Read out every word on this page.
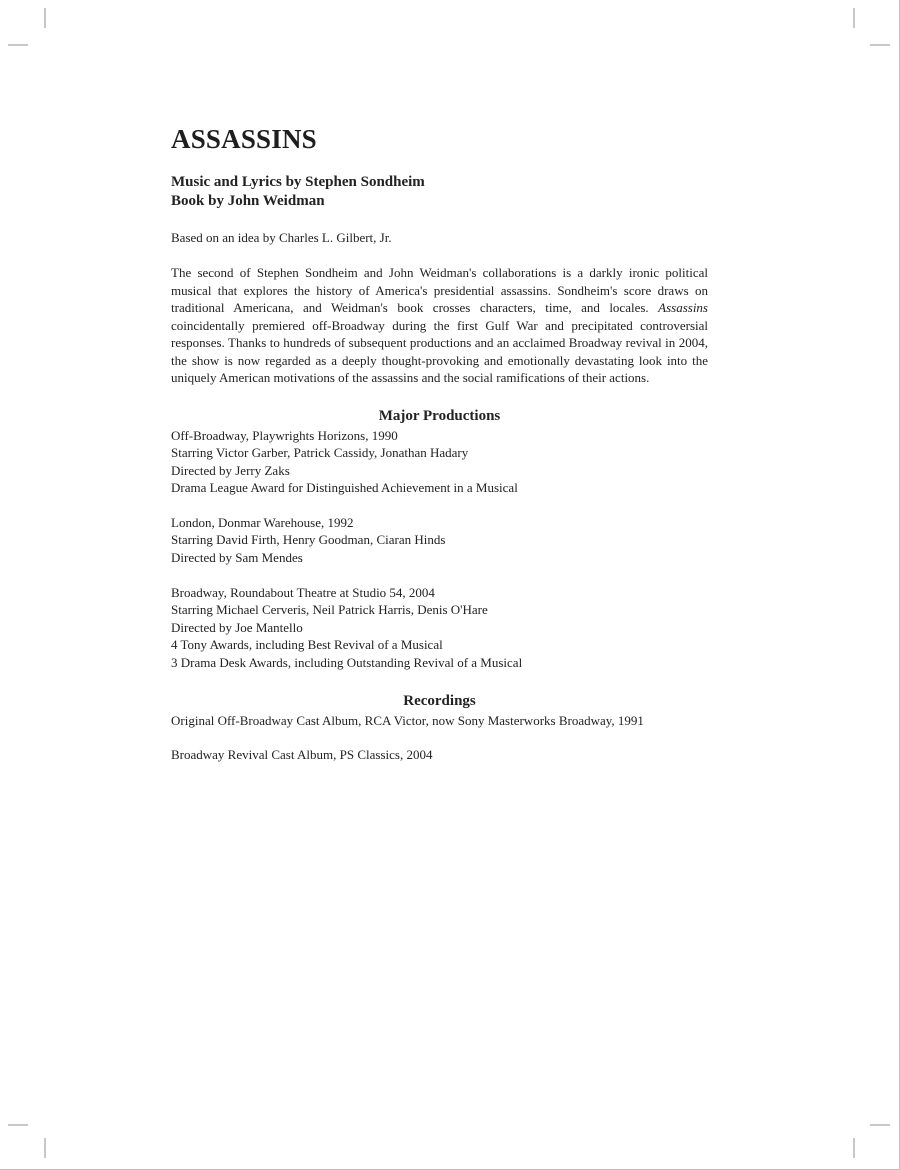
ASSASSINS

Music and Lyrics by Stephen Sondheim

Book by John Weidman

Based on an idea by Charles L. Gilbert, Jr.

The second of Stephen Sondheim and John Weidman's collaborations is a darkly ironic political musical that explores the history of America's presidential assassins. Sondheim's score draws on traditional Americana, and Weidman's book crosses characters, time, and locales. Assassins coincidentally premiered off-Broadway during the first Gulf War and precipitated controversial responses. Thanks to hundreds of subsequent productions and an acclaimed Broadway revival in 2004, the show is now regarded as a deeply thought-provoking and emotionally devastating look into the uniquely American motivations of the assassins and the social ramifications of their actions.

Major Productions
Off-Broadway, Playwrights Horizons, 1990
Starring Victor Garber, Patrick Cassidy, Jonathan Hadary
Directed by Jerry Zaks
Drama League Award for Distinguished Achievement in a Musical
London, Donmar Warehouse, 1992
Starring David Firth, Henry Goodman, Ciaran Hinds
Directed by Sam Mendes
Broadway, Roundabout Theatre at Studio 54, 2004
Starring Michael Cerveris, Neil Patrick Harris, Denis O'Hare
Directed by Joe Mantello
4 Tony Awards, including Best Revival of a Musical
3 Drama Desk Awards, including Outstanding Revival of a Musical
Recordings

Original Off-Broadway Cast Album, RCA Victor, now Sony Masterworks Broadway, 1991

Broadway Revival Cast Album, PS Classics, 2004
